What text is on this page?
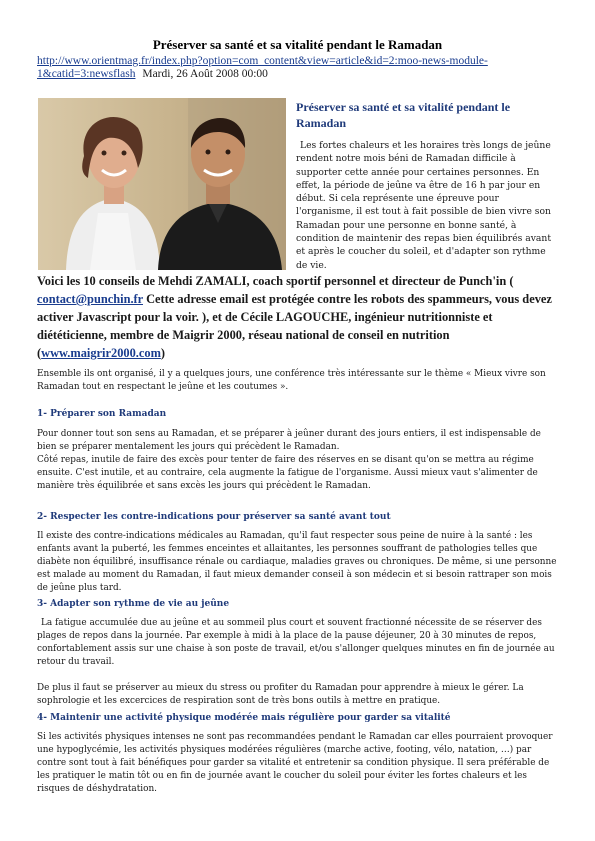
Préserver sa santé et sa vitalité pendant le Ramadan
http://www.orientmag.fr/index.php?option=com_content&view=article&id=2:moo-news-module-1&catid=3:newsflash Mardi, 26 Août 2008 00:00
Préserver sa santé et sa vitalité pendant le Ramadan

Les fortes chaleurs et les horaires très longs de jeûne rendent notre mois béni de Ramadan difficile à supporter cette année pour certaines personnes. En effet, la période de jeûne va être de 16 h par jour en début. Si cela représente une épreuve pour l'organisme, il est tout à fait possible de bien vivre son Ramadan pour une personne en bonne santé, à condition de maintenir des repas bien équilibrés avant et après le coucher du soleil, et d'adapter son rythme de vie.

Voici les 10 conseils de Mehdi ZAMALI, coach sportif personnel et directeur de Punch'in ( contact@punchin.fr Cette adresse email est protégée contre les robots des spammeurs, vous devez activer Javascript pour la voir. ), et de Cécile LAGOUCHE, ingénieur nutritionniste et diététicienne, membre de Maigrir 2000, réseau national de conseil en nutrition (www.maigrir2000.com)

Ensemble ils ont organisé, il y a quelques jours, une conférence très intéressante sur le thème « Mieux vivre son Ramadan tout en respectant le jeûne et les coutumes ».

1- Préparer son Ramadan

Pour donner tout son sens au Ramadan, et se préparer à jeûner durant des jours entiers, il est indispensable de bien se préparer mentalement les jours qui précèdent le Ramadan.

Côté repas, inutile de faire des excès pour tenter de faire des réserves en se disant qu'on se mettra au régime ensuite. C'est inutile, et au contraire, cela augmente la fatigue de l'organisme. Aussi mieux vaut s'alimenter de manière très équilibrée et sans excès les jours qui précèdent le Ramadan.

2- Respecter les contre-indications pour préserver sa santé avant tout

Il existe des contre-indications médicales au Ramadan, qu'il faut respecter sous peine de nuire à la santé : les enfants avant la puberté, les femmes enceintes et allaitantes, les personnes souffrant de pathologies telles que diabète non équilibré, insuffisance rénale ou cardiaque, maladies graves ou chroniques. De même, si une personne est malade au moment du Ramadan, il faut mieux demander conseil à son médecin et si besoin rattraper son mois de jeûne plus tard.

3- Adapter son rythme de vie au jeûne

La fatigue accumulée due au jeûne et au sommeil plus court et souvent fractionné nécessite de se réserver des plages de repos dans la journée. Par exemple à midi à la place de la pause déjeuner, 20 à 30 minutes de repos, confortablement assis sur une chaise à son poste de travail, et/ou s'allonger quelques minutes en fin de journée au retour du travail.

De plus il faut se préserver au mieux du stress ou profiter du Ramadan pour apprendre à mieux le gérer. La sophrologie et les excercices de respiration sont de très bons outils à mettre en pratique.

4- Maintenir une activité physique modérée mais régulière pour garder sa vitalité

Si les activités physiques intenses ne sont pas recommandées pendant le Ramadan car elles pourraient provoquer une hypoglycémie, les activités physiques modérées régulières (marche active, footing, vélo, natation, …) par contre sont tout à fait bénéfiques pour garder sa vitalité et entretenir sa condition physique. Il sera préférable de les pratiquer le matin tôt ou en fin de journée avant le coucher du soleil pour éviter les fortes chaleurs et les risques de déshydratation.
